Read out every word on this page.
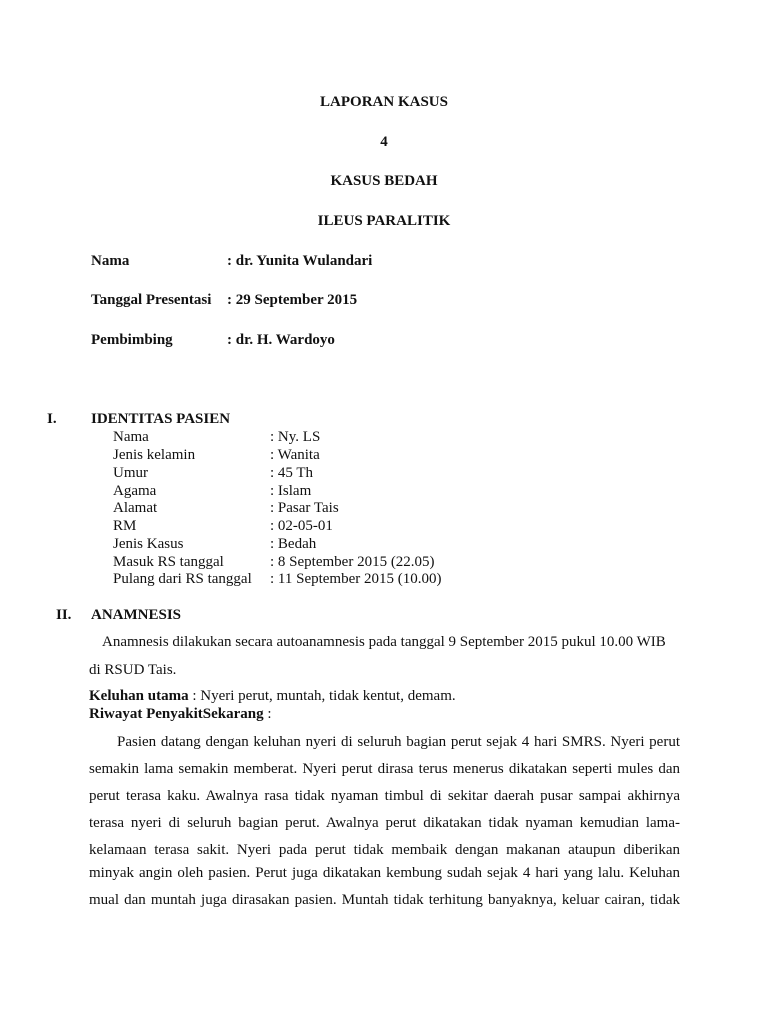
LAPORAN KASUS
4
KASUS BEDAH
ILEUS PARALITIK
Nama	: dr. Yunita Wulandari
Tanggal Presentasi : 29 September 2015
Pembimbing	: dr. H. Wardoyo
I. IDENTITAS PASIEN
Nama	: Ny. LS
Jenis kelamin	: Wanita
Umur	: 45 Th
Agama	: Islam
Alamat	: Pasar Tais
RM	: 02-05-01
Jenis Kasus	: Bedah
Masuk RS tanggal	: 8 September 2015 (22.05)
Pulang dari RS tanggal : 11 September 2015 (10.00)
II. ANAMNESIS
Anamnesis dilakukan secara autoanamnesis pada tanggal 9 September 2015 pukul 10.00 WIB
di RSUD Tais.
Keluhan utama : Nyeri perut, muntah, tidak kentut, demam.
Riwayat PenyakitSekarang :
Pasien datang dengan keluhan nyeri di seluruh bagian perut sejak 4 hari SMRS. Nyeri perut
semakin lama semakin memberat. Nyeri perut dirasa terus menerus dikatakan seperti mules dan
perut terasa kaku. Awalnya rasa tidak nyaman timbul di sekitar daerah pusar sampai akhirnya
terasa nyeri di seluruh bagian perut. Awalnya perut dikatakan tidak nyaman kemudian lama-
kelamaan terasa sakit. Nyeri pada perut tidak membaik dengan makanan ataupun diberikan
minyak angin oleh pasien. Perut juga dikatakan kembung sudah sejak 4 hari yang lalu. Keluhan
mual dan muntah juga dirasakan pasien. Muntah tidak terhitung banyaknya, keluar cairan, tidak
